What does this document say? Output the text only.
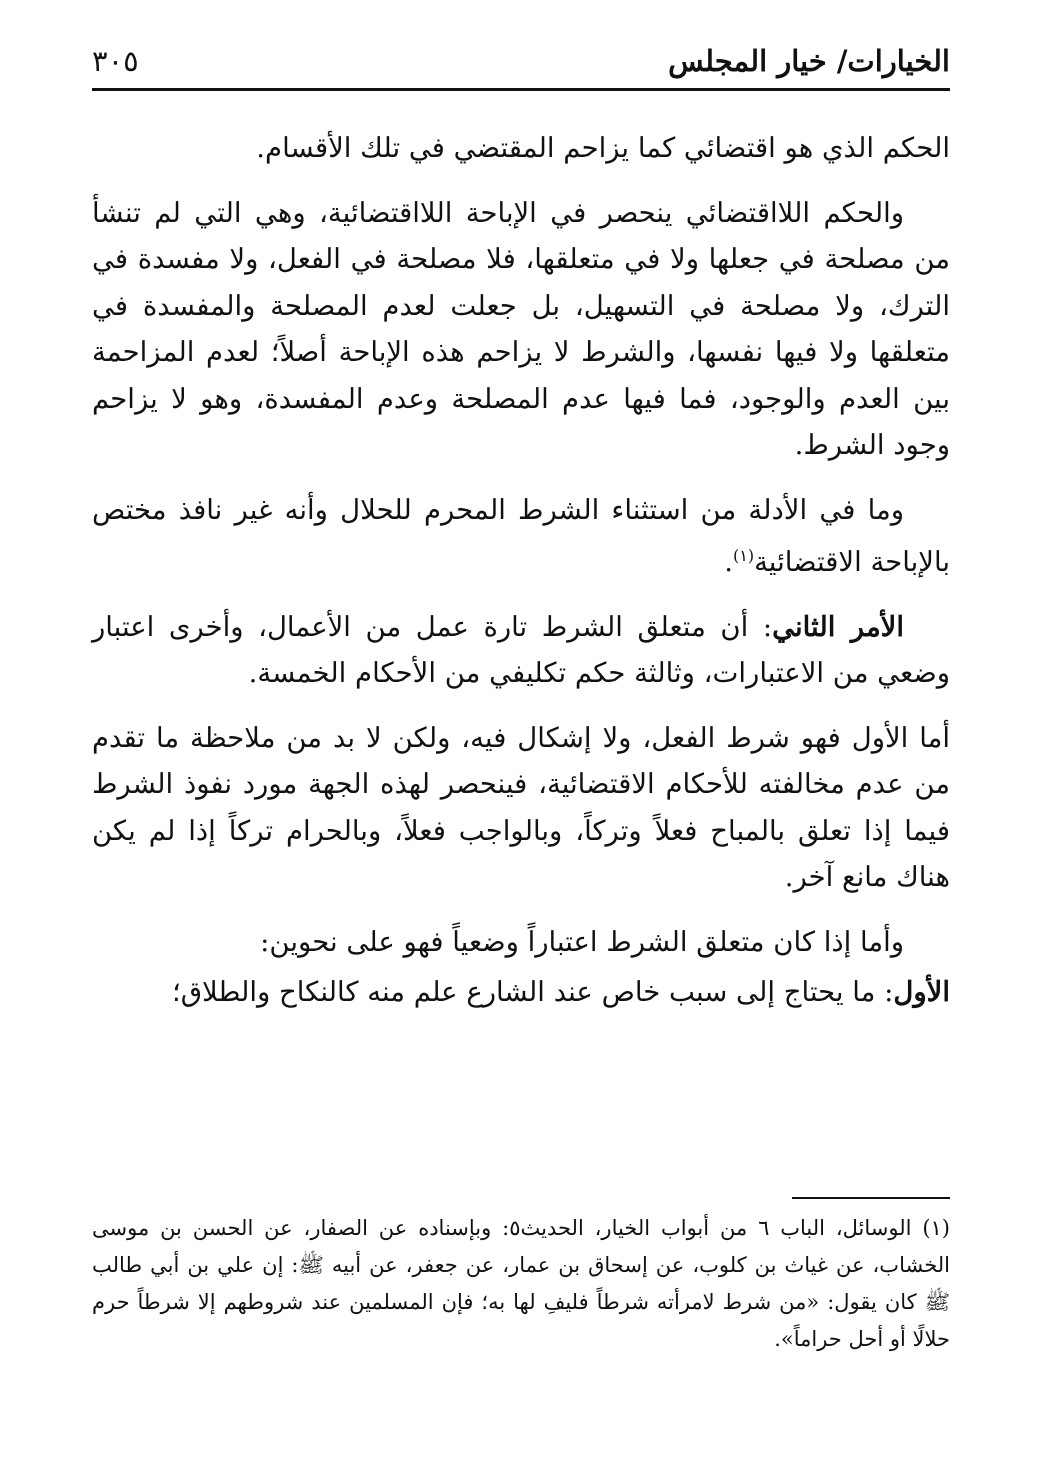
الخيارات/ خيار المجلس
٣٠٥

الحكم الذي هو اقتضائي كما يزاحم المقتضي في تلك الأقسام.

والحكم اللااقتضائي ينحصر في الإباحة اللااقتضائية، وهي التي لم تنشأ من مصلحة في جعلها ولا في متعلقها، فلا مصلحة في الفعل، ولا مفسدة في الترك، ولا مصلحة في التسهيل، بل جعلت لعدم المصلحة والمفسدة في متعلقها ولا فيها نفسها، والشرط لا يزاحم هذه الإباحة أصلاً؛ لعدم المزاحمة بين العدم والوجود، فما فيها عدم المصلحة وعدم المفسدة، وهو لا يزاحم وجود الشرط.

وما في الأدلة من استثناء الشرط المحرم للحلال وأنه غير نافذ مختص بالإباحة الاقتضائية$^{(١)}$.

الأمر الثاني: أن متعلق الشرط تارة عمل من الأعمال، وأخرى اعتبار وضعي من الاعتبارات، وثالثة حكم تكليفي من الأحكام الخمسة.

أما الأول فهو شرط الفعل، ولا إشكال فيه، ولكن لا بد من ملاحظة ما تقدم من عدم مخالفته للأحكام الاقتضائية، فينحصر لهذه الجهة مورد نفوذ الشرط فيما إذا تعلق بالمباح فعلاً وتركاً، وبالواجب فعلاً، وبالحرام تركاً إذا لم يكن هناك مانع آخر.

وأما إذا كان متعلق الشرط اعتباراً وضعياً فهو على نحوين:

الأول: ما يحتاج إلى سبب خاص عند الشارع علم منه كالنكاح والطلاق؛

(١) الوسائل، الباب ٦ من أبواب الخيار، الحديث٥: وبإسناده عن الصفار، عن الحسن بن موسى الخشاب، عن غياث بن كلوب، عن إسحاق بن عمار، عن جعفر، عن أبيه ﷺ: إن علي بن أبي طالب ﷺ كان يقول: «من شرط لامرأته شرطاً فليفِ لها به؛ فإن المسلمين عند شروطهم إلا شرطاً حرم حلالًا أو أحل حراماً».
